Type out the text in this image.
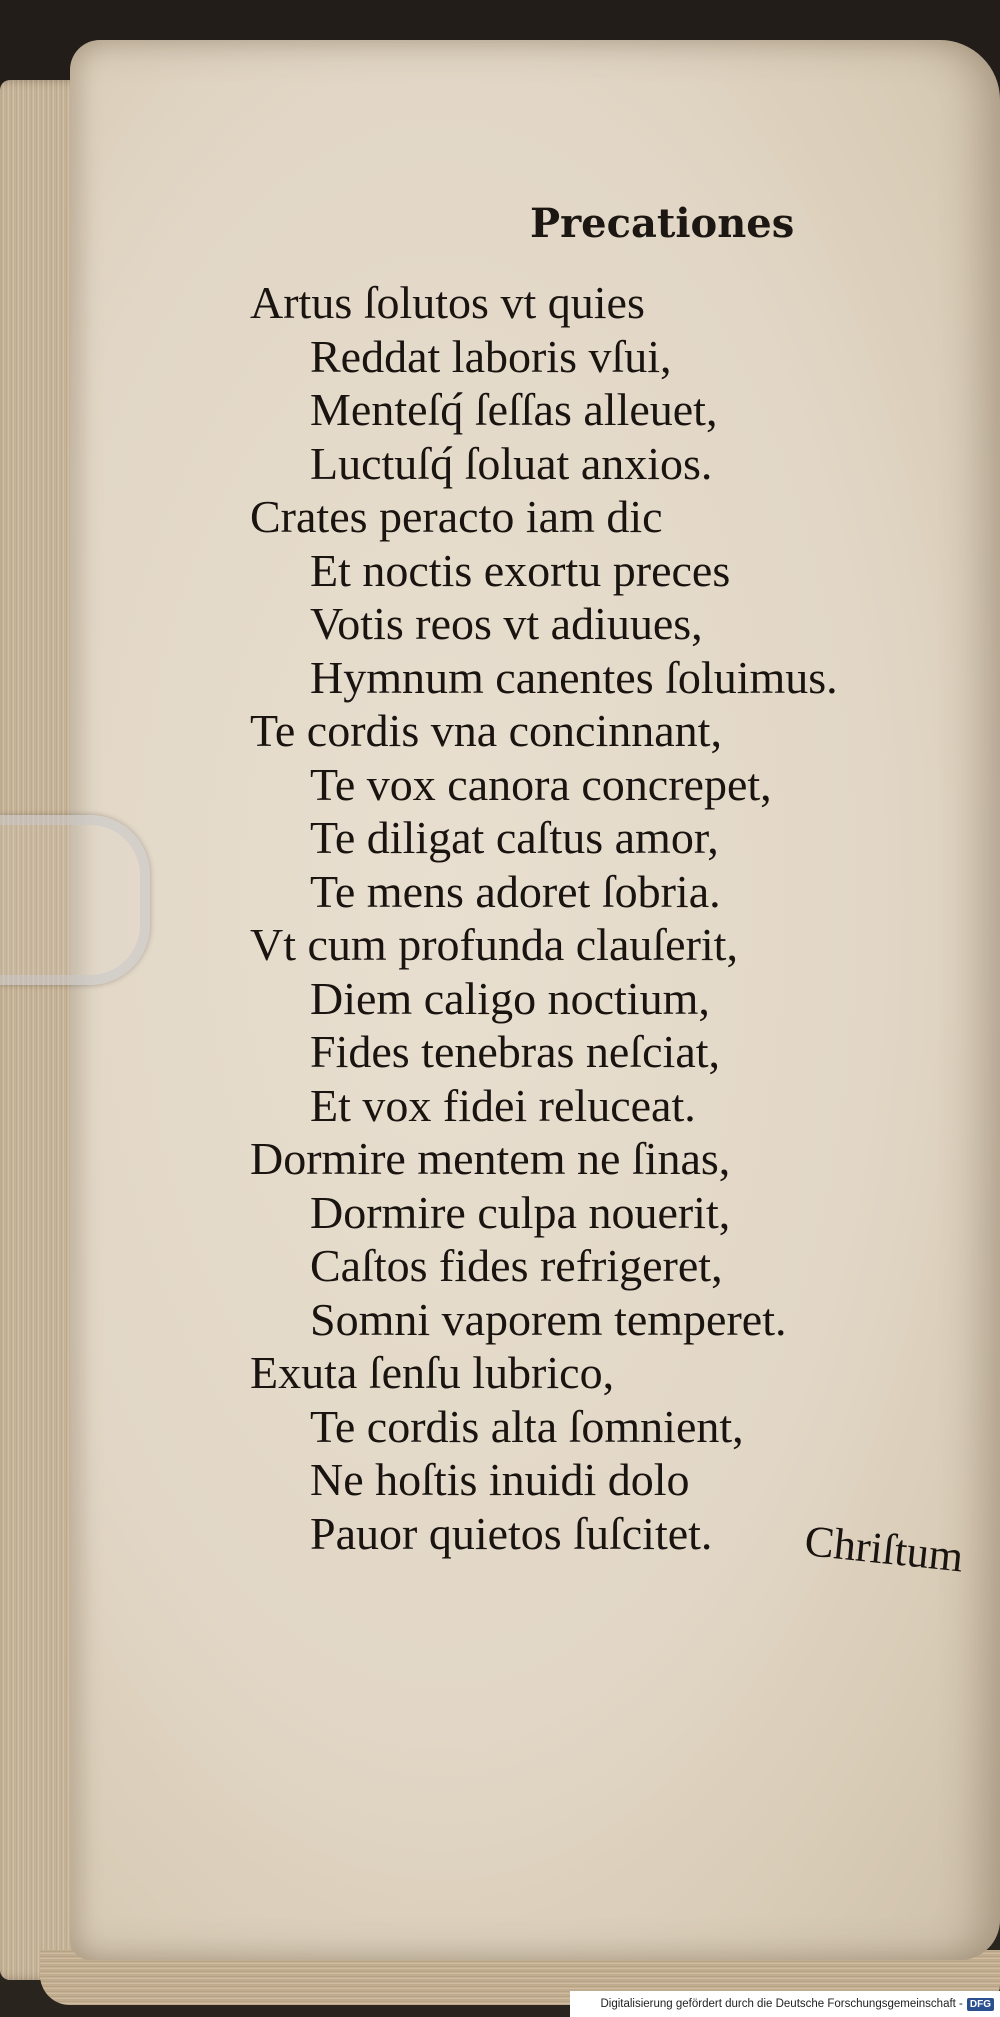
Precationes
Artus ſolutos vt quies
Reddat laboris vſui,
Menteſq́ ſeſſas alleuet,
Luctuſq́ ſoluat anxios.
Crates peracto iam dic
Et noctis exortu preces
Votis reos vt adiuues,
Hymnum canentes ſoluimus.
Te cordis vna concinnant,
Te vox canora concrepet,
Te diligat caſtus amor,
Te mens adoret ſobria.
Vt cum profunda clauſerit,
Diem caligo noctium,
Fides tenebras neſciat,
Et vox fidei reluceat.
Dormire mentem ne ſinas,
Dormire culpa nouerit,
Caſtos fides refrigeret,
Somni vaporem temperet.
Exuta ſenſu lubrico,
Te cordis alta ſomnient,
Ne hoſtis inuidi dolo
Pauor quietos ſuſcitet.	Chriſtum
Digitalisierung gefördert durch die Deutsche Forschungsgemeinschaft - DFG
